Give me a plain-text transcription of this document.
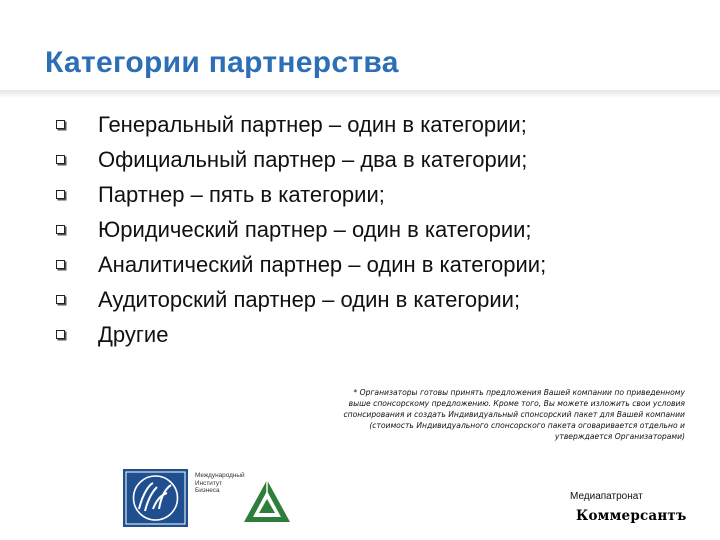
Категории партнерства
Генеральный партнер – один в категории;
Официальный партнер – два в категории;
Партнер – пять в категории;
Юридический партнер – один в категории;
Аналитический партнер – один в категории;
Аудиторский партнер – один в категории;
Другие
* Организаторы готовы принять предложения Вашей компании по приведенному
выше спонсорскому предложению. Кроме того, Вы можете изложить свои условия
спонсирования и создать Индивидуальный спонсорский пакет для Вашей компании
(стоимость Индивидуального спонсорского пакета оговаривается отдельно и
утверждается Организаторами)
Международный
Институт
Бизнеса
Медиапатронат
Коммерсантъ
